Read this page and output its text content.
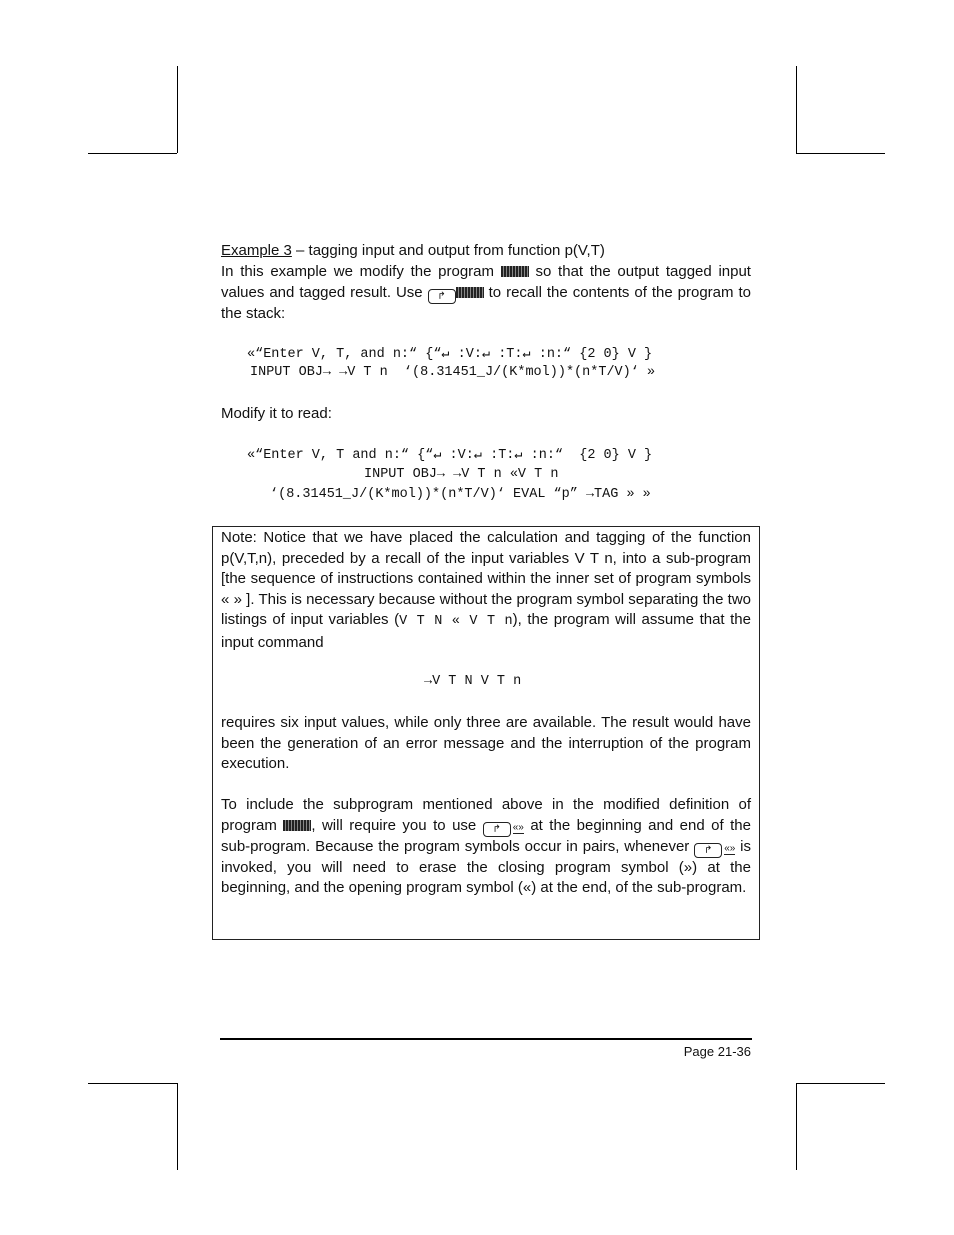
Example 3 – tagging input and output from function p(V,T)
In this example we modify the program  so that the output tagged input values and tagged result. Use ↱	to recall the contents of the program to the stack:
«“Enter V, T, and n:“ {“↵ :V:↵ :T:↵ :n:“ {2 0} V }
INPUT OBJ→ →V T n  ‘(8.31451_J/(K*mol))*(n*T/V)‘ »
Modify it to read:
«“Enter V, T and n:“ {“↵ :V:↵ :T:↵ :n:“  {2 0} V }
INPUT OBJ→ →V T n «V T n
‘(8.31451_J/(K*mol))*(n*T/V)‘ EVAL “p” →TAG » »
Note: Notice that we have placed the calculation and tagging of the function p(V,T,n), preceded by a recall of the input variables V T n, into a sub-program [the sequence of instructions contained within the inner set of program symbols « » ]. This is necessary because without the program symbol separating the two listings of input variables (V T N « V T n), the program will assume that the input command
→V T N V T n
requires six input values, while only three are available. The result would have been the generation of an error message and the interruption of the program execution.
To include the subprogram mentioned above in the modified definition of program , will require you to use ↱ «» at the beginning and end of the sub-program. Because the program symbols occur in pairs, whenever ↱ «» is invoked, you will need to erase the closing program symbol (») at the beginning, and the opening program symbol («) at the end, of the sub-program.
Page 21-36
